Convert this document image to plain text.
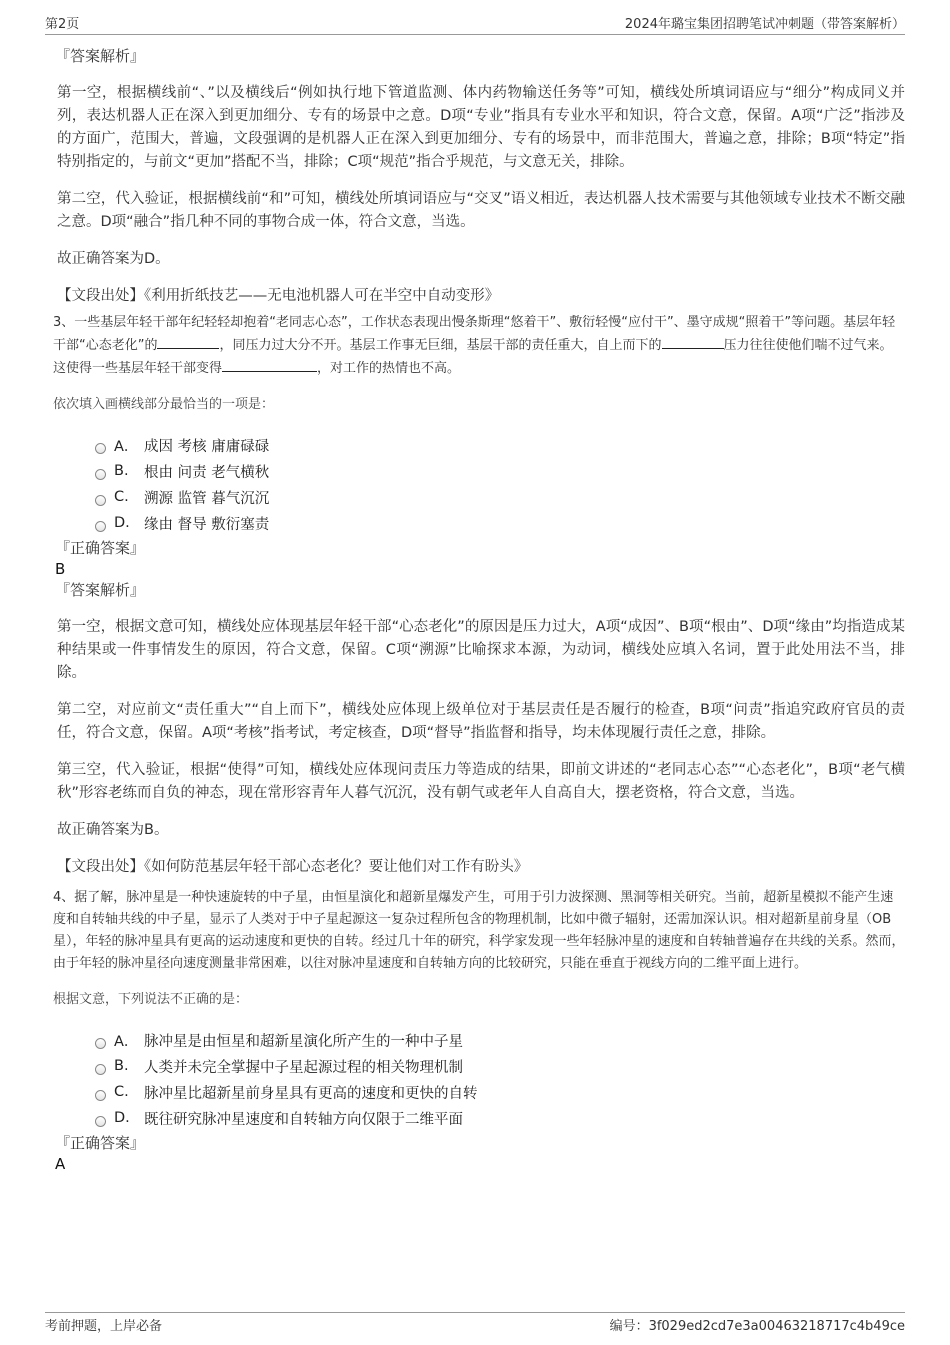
第2页	2024年璐宝集团招聘笔试冲刺题（带答案解析）
『答案解析』

第一空，根据横线前“、”以及横线后“例如执行地下管道监测、体内药物输送任务等”可知，横线处所填词语应与“细分”构成同义并列，表达机器人正在深入到更加细分、专有的场景中之意。D项“专业”指具有专业水平和知识，符合文意，保留。A项“广泛”指涉及的方面广，范围大，普遍，文段强调的是机器人正在深入到更加细分、专有的场景中，而非范围大，普遍之意，排除；B项“特定”指特别指定的，与前文“更加”搭配不当，排除；C项“规范”指合乎规范，与文意无关，排除。

第二空，代入验证，根据横线前“和”可知，横线处所填词语应与“交叉”语义相近，表达机器人技术需要与其他领域专业技术不断交融之意。D项“融合”指几种不同的事物合成一体，符合文意，当选。

故正确答案为D。

【文段出处】《利用折纸技艺——无电池机器人可在半空中自动变形》

3、一些基层年轻干部年纪轻轻却抱着“老同志心态”，工作状态表现出慢条斯理“悠着干”、敷衍轻慢“应付干”、墨守成规“照着干”等问题。基层年轻干部“心态老化”的	，同压力过大分不开。基层工作事无巨细，基层干部的责任重大，自上而下的	压力往往使他们喘不过气来。这使得一些基层年轻干部变得	，对工作的热情也不高。

依次填入画横线部分最恰当的一项是：

A． 成因 考核 庸庸碌碌
B.	根由 问责 老气横秋
C.	溯源 监管 暮气沉沉
D. 缘由 督导 敷衍塞责
『正确答案』
B
『答案解析』

第一空，根据文意可知，横线处应体现基层年轻干部“心态老化”的原因是压力过大，A项“成因”、B项“根由”、D项“缘由”均指造成某种结果或一件事情发生的原因，符合文意，保留。C项“溯源”比喻探求本源，为动词，横线处应填入名词，置于此处用法不当，排除。

第二空，对应前文“责任重大”“自上而下”，横线处应体现上级单位对于基层责任是否履行的检查，B项“问责”指追究政府官员的责任，符合文意，保留。A项“考核”指考试，考定核查，D项“督导”指监督和指导，均未体现履行责任之意，排除。

第三空，代入验证，根据“使得”可知，横线处应体现问责压力等造成的结果，即前文讲述的“老同志心态”“心态老化”，B项“老气横秋”形容老练而自负的神态，现在常形容青年人暮气沉沉，没有朝气或老年人自高自大，摆老资格，符合文意，当选。

故正确答案为B。

【文段出处】《如何防范基层年轻干部心态老化？要让他们对工作有盼头》

4、据了解，脉冲星是一种快速旋转的中子星，由恒星演化和超新星爆发产生，可用于引力波探测、黑洞等相关研究。当前，超新星模拟不能产生速度和自转轴共线的中子星，显示了人类对于中子星起源这一复杂过程所包含的物理机制，比如中微子辐射，还需加深认识。相对超新星前身星（OB星），年轻的脉冲星具有更高的运动速度和更快的自转。经过几十年的研究，科学家发现一些年轻脉冲星的速度和自转轴普遍存在共线的关系。然而，由于年轻的脉冲星径向速度测量非常困难，以往对脉冲星速度和自转轴方向的比较研究，只能在垂直于视线方向的二维平面上进行。

根据文意，下列说法不正确的是：

A． 脉冲星是由恒星和超新星演化所产生的一种中子星
B.	人类并未完全掌握中子星起源过程的相关物理机制
C.	脉冲星比超新星前身星具有更高的速度和更快的自转
D. 既往研究脉冲星速度和自转轴方向仅限于二维平面
『正确答案』
A
考前押题，上岸必备	编号：3f029ed2cd7e3a00463218717c4b49ce
